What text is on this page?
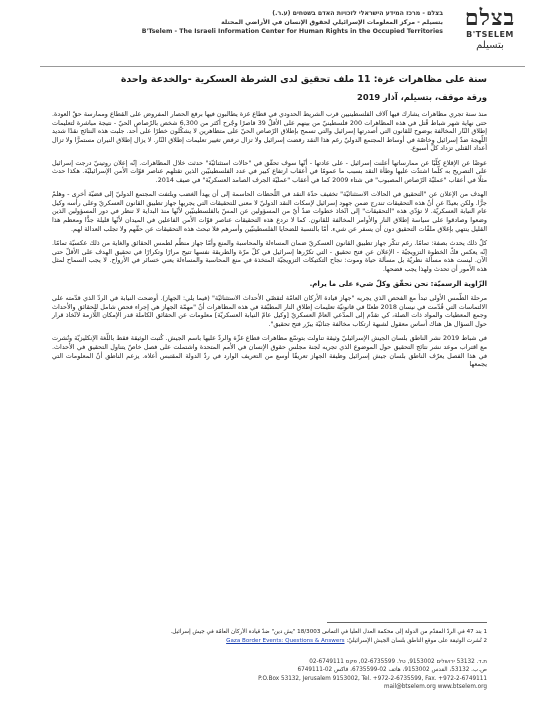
בצלם
B'TSELEM
بتسيلم
בצלם - מרכז המידע הישראלי לזכויות האדם בשטחים (ע.ר.)
بتسيلم - مركز المعلومات الإسرائيلي لحقوق الإنسان في الأراضي المحتلة
B'Tselem - The Israeli Information Center for Human Rights in the Occupied Territories
سنة على مظاهرات غزة: 11 ملف تحقيق لدى الشرطة العسكرية -والخدعة واحدة
ورقة موقف، بتسيلم، آذار 2019

منذ سنة تجري مظاهرات يشارك فيها آلاف الفلسطينيين قرب الشريط الحدودي في قطاع غزة يطالبون فيها برفع الحصار المفروض على القطاع وممارسة حقّ العودة. حتى نهاية شهر شباط قُتل في هذه المظاهرات 200 فلسطينيّ من بينهم على الأقلّ 39 قاصرًا وجُرح أكثر من 6,300 شخص بالرّصاص الحيّ - نتيجة مباشرة لتعليمات إطلاق النّار المخالفة بوضوح للقانون التي أصدرتها إسرائيل والتي تسمح بإطلاق الرّصاص الحيّ على متظاهرين لا يشكّلون خطرًا على أحد. جلبت هذه النتائج نقدًا شديد اللّهجة ضدّ إسرائيل وخاصّة في أوساط المجتمع الدوليّ رغم هذا النقد رفضت إسرائيل ولا تزال ترفض تغيير تعليمات إطلاق النّار. لا يزال إطلاق النيران مستمرًّا ولا تزال أعداد القتلى تزداد كلّ أسبوع.

عوضًا عن الإقلاع كلّيًا عن ممارساتها أعلنت إسرائيل - على عادتها - أنّها سوف تحقّق في "حالات استثنائيّة" حدثت خلال المظاهرات. إنّه إعلان روتينيّ درجت إسرائيل على التصريح به كلّما اشتدّت عليها وطأة النقد بسبب ما عمومًا في أعقاب ارتفاع كبير في عدد الفلسطينيّين الذين تقتلهم عناصر قوّات الأمن الإسرائيليّة. هكذا حدث مثلًا في أعقاب "عمليّة الرّصاص المصبوب" في شتاء 2009 كما في أعقاب "عمليّة الجرف الصامد العسكريّة" في صيف 2014.

الهدف من الإعلان عن "التحقيق في الحالات الاستثنائيّة" تخفيف حدّة النقد في اللّحظات الحاسمة إلى أن يهدأ الغضب ويلتفت المجتمع الدوليّ إلى قضيّة أخرى - وهلمّ جرًّا. ولكن بعيدًا عن أنّ هذه التحقيقات تندرج ضمن جهود إسرائيل لإسكات النقد الدوليّ لا معنى للتحقيقات التي يجريها جهاز تطبيق القانون العسكريّ وعلى رأسه وكيل عام النيابة العسكريّة. لا تؤدّي هذه "التحقيقات" إلى اتّخاذ خطوات ضدّ أيّ من المسؤولين عن المسّ بالفلسطينيّين لأنّها منذ البداية لا تنظر في دور المسؤولين الذين وضعوا وصادقوا على سياسة إطلاق النار والأوامر المخالفة للقانون. كما لا تردع هذه التحقيقات عناصر قوّات الأمن الفاعلين في الميدان لأنّها قليلة جدًّا ومعظم هذا القليل ينتهي بإغلاق ملفّات التحقيق دون أن يسفر عن شيء. أمّا بالنسبة للضحايا الفلسطينيّين وأسرهم فلا تبحث هذه التحقيقات عن حقّهم ولا تجلب العدالة لهم.

كلّ ذلك يحدث بصفة: تمامًا. رغم تنكّر جهاز تطبيق القانون العسكريّ ضمان المساءلة والمحاسبة والمنع وأمّا جهاز منظّم لطمس الحقائق والغاية من ذلك عكسيّة تمامًا. إنّه يعكس فكّ الخطوة التزويجيّة - الإعلان عن فتح تحقيق - التي تكرّرها إسرائيل في كلّ مرّة والطريقة نفسها تتيح مرارًا وتكرارًا في تحقيق الهدف على الأقلّ حتى الآن. ليست هذه مسألة نظريّة بل مسألة حياة وموت: نجاح التكتيكات التزويجيّة المتخذة في منع المحاسبة والمساءلة يعني خسائر في الأرواح. لا يجب السماح لمثل هذه الأمور أن تحدث ولهذا يجب فضحها.

الزّاوية الرسميّة: نحن نحقّق وكلّ شيء على ما يرام.

مرحلة الطّمس الأولى تبدأ مع الفحص الذي يجريه "جهاز قيادة الأركان العامّة لتقصّي الأحداث الاستثنائيّة" (فيما يلي: الجهاز). أوضحت النيابة في الردّ الذي قدّمته على الالتماسات التي قُدّمت في نيسان 2018 طعنًا في قانونيّة تعليمات إطلاق النار المطبّقة في هذه المظاهرات أنّ "مهمّة الجهاز هي إجراء فحص شامل للحقائق والأحداث وجمع المعطيات والمواد ذات الصلة، كي تقدّم إلى المدّعي العامّ العسكريّ [وكيل عامّ النيابة العسكريّة] معلومات عن الحقائق الكاملة قدر الإمكان اللّازمة لاتّخاذ قرار حول السؤال هل هناك أساس معقول لشبهة ارتكاب مخالفة جنائيّة يبرّر فتح تحقيق".

في شباط 2019 نشر الناطق بلسان الجيش الإسرائيليّ وثيقة تناولت بتوسّع مظاهرات قطاع غزّة والردّ عليها باسم الجيش. كُتبت الوثيقة فقط باللّغة الإنكليزيّة ونُشرت مع اقتراب موعد نشر نتائج التحقيق حول الموضوع الذي تجريه لجنة مجلس حقوق الإنسان في الأمم المتحدة واشتملت على فصل خاصّ يتناول التحقيق في الأحداث. في هذا الفصل يعرّف الناطق بلسان جيش إسرائيل وظيفة الجهاز تعريفًا أوسع من التعريف الوارد في ردّ الدولة المقتبس أعلاه. يزعم الناطق أنّ المعلومات التي يجمعها

1 بند 47 في الردّ المقدّم من الدولة إلى محكمة العدل العليا في التماس 18/3003 "يش دين" ضدّ قيادة الأركان العامّة في جيش إسرائيل.
2 نُشرت الوثيقة على موقع الناطق بلسان الجيش الإسرائيليّ: Gaza Border Events: Questions & Answers
ת.ד. 53132 ירושלים 9153002, טל. 02-6735599, פקס 02-6749111
ص.ب. 53132، القدس 9153002، هاتف 02-6735599، فاكس 02-6749111
P.O.Box 53132, Jerusalem 9153002, Tel. +972-2-6735599, Fax. +972-2-6749111
mail@btselem.org www.btselem.org
